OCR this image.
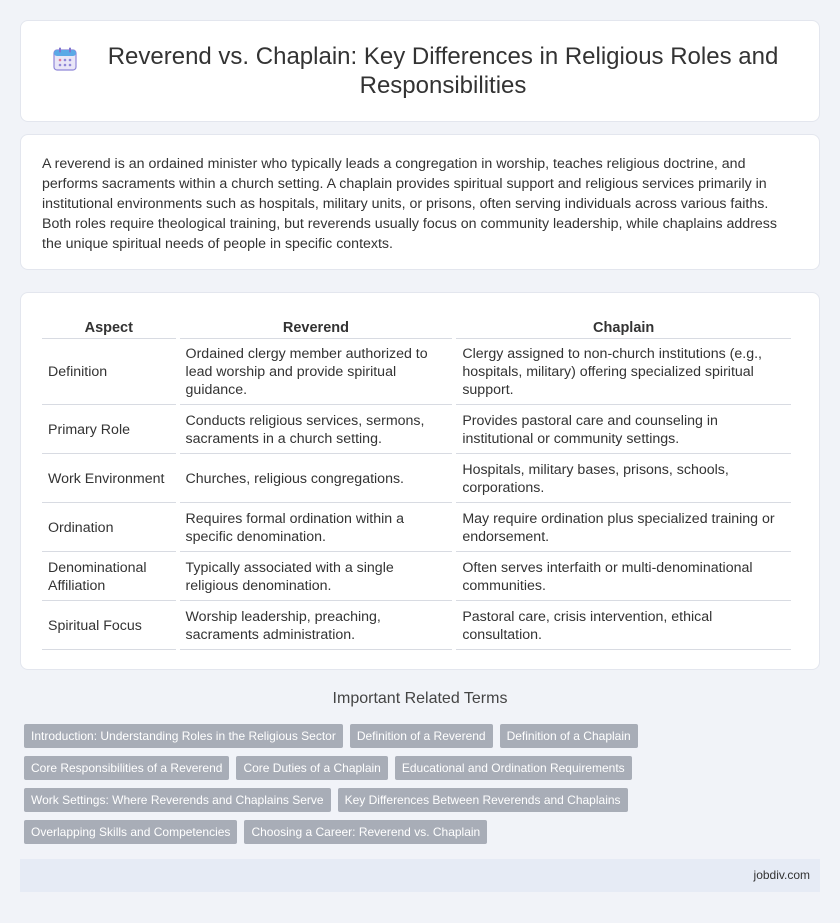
Reverend vs. Chaplain: Key Differences in Religious Roles and Responsibilities

A reverend is an ordained minister who typically leads a congregation in worship, teaches religious doctrine, and performs sacraments within a church setting. A chaplain provides spiritual support and religious services primarily in institutional environments such as hospitals, military units, or prisons, often serving individuals across various faiths. Both roles require theological training, but reverends usually focus on community leadership, while chaplains address the unique spiritual needs of people in specific contexts.

Aspect	Reverend	Chaplain
Definition	Ordained clergy member authorized to lead worship and provide spiritual guidance.	Clergy assigned to non-church institutions (e.g., hospitals, military) offering specialized spiritual support.
Primary Role	Conducts religious services, sermons, sacraments in a church setting.	Provides pastoral care and counseling in institutional or community settings.
Work Environment	Churches, religious congregations.	Hospitals, military bases, prisons, schools, corporations.
Ordination	Requires formal ordination within a specific denomination.	May require ordination plus specialized training or endorsement.
Denominational Affiliation	Typically associated with a single religious denomination.	Often serves interfaith or multi-denominational communities.
Spiritual Focus	Worship leadership, preaching, sacraments administration.	Pastoral care, crisis intervention, ethical consultation.
Important Related Terms
Introduction: Understanding Roles in the Religious Sector	Definition of a Reverend	Definition of a Chaplain
Core Responsibilities of a Reverend	Core Duties of a Chaplain	Educational and Ordination Requirements
Work Settings: Where Reverends and Chaplains Serve	Key Differences Between Reverends and Chaplains
Overlapping Skills and Competencies	Choosing a Career: Reverend vs. Chaplain
jobdiv.com
